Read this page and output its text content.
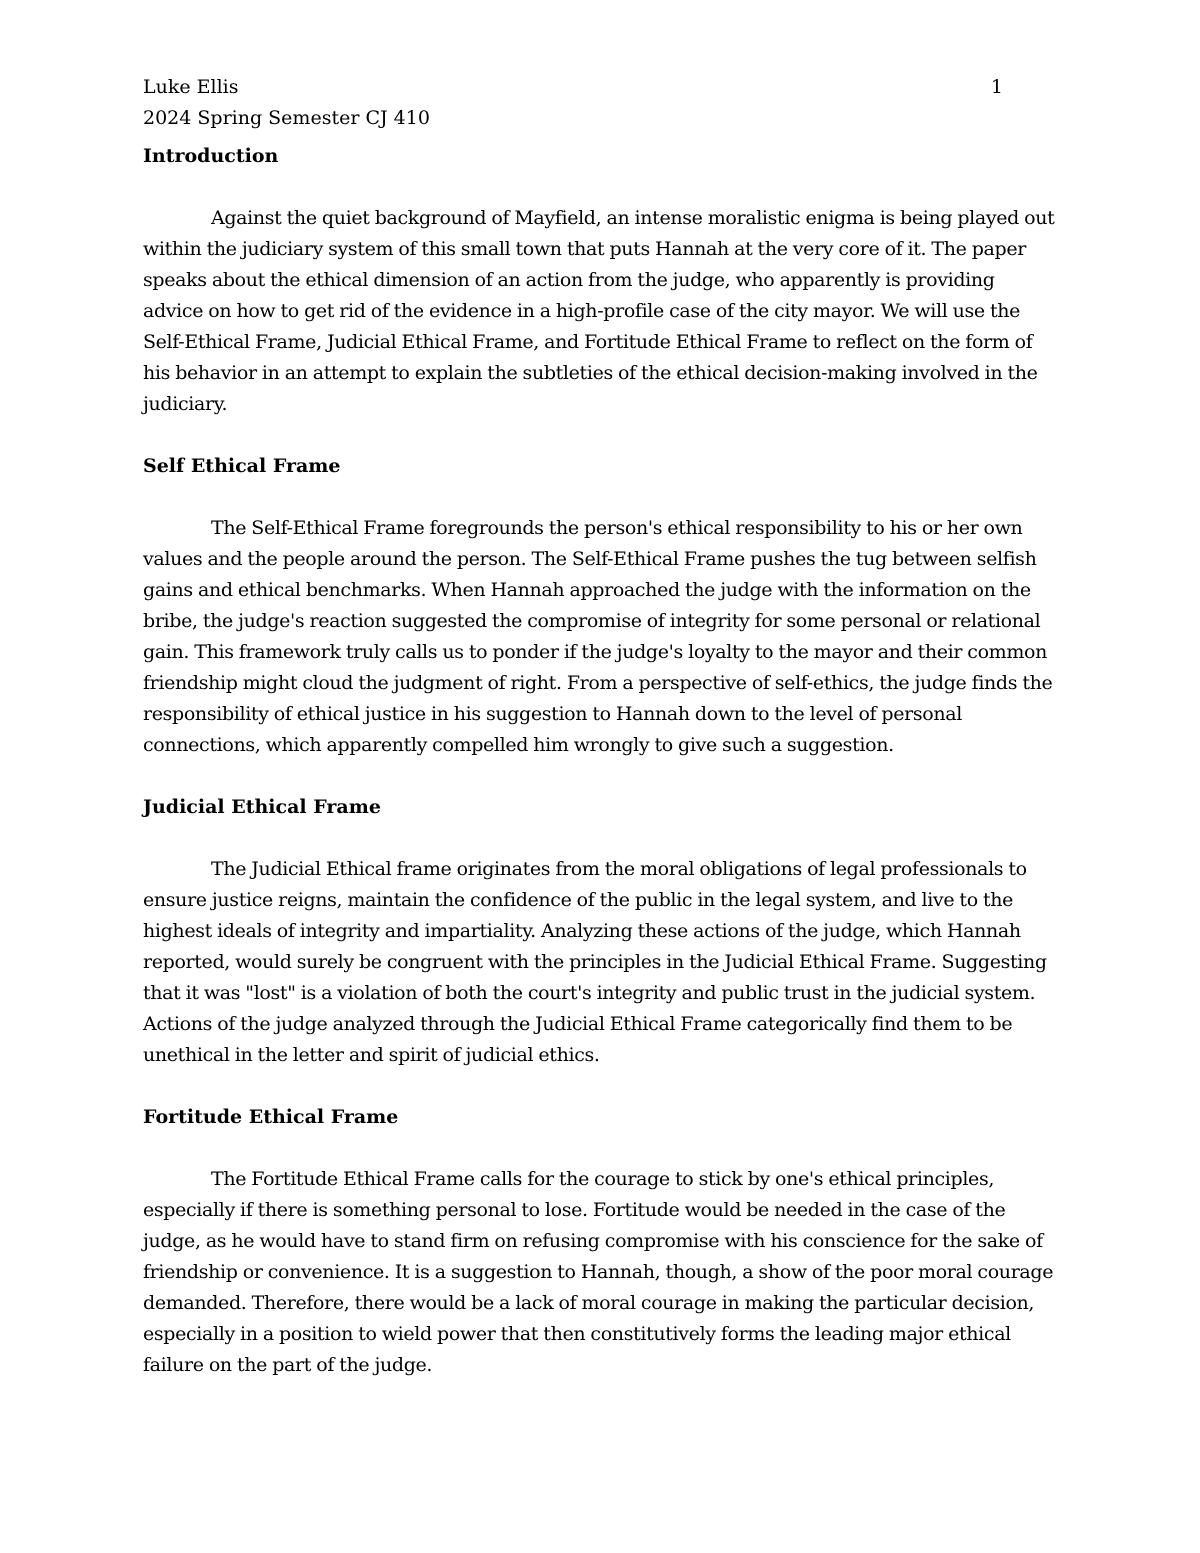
Luke Ellis
2024 Spring Semester CJ 410
1
Introduction

Against the quiet background of Mayfield, an intense moralistic enigma is being played out within the judiciary system of this small town that puts Hannah at the very core of it. The paper speaks about the ethical dimension of an action from the judge, who apparently is providing advice on how to get rid of the evidence in a high-profile case of the city mayor. We will use the Self-Ethical Frame, Judicial Ethical Frame, and Fortitude Ethical Frame to reflect on the form of his behavior in an attempt to explain the subtleties of the ethical decision-making involved in the judiciary.

Self Ethical Frame

The Self-Ethical Frame foregrounds the person's ethical responsibility to his or her own values and the people around the person. The Self-Ethical Frame pushes the tug between selfish gains and ethical benchmarks. When Hannah approached the judge with the information on the bribe, the judge's reaction suggested the compromise of integrity for some personal or relational gain. This framework truly calls us to ponder if the judge's loyalty to the mayor and their common friendship might cloud the judgment of right. From a perspective of self-ethics, the judge finds the responsibility of ethical justice in his suggestion to Hannah down to the level of personal connections, which apparently compelled him wrongly to give such a suggestion.

Judicial Ethical Frame

The Judicial Ethical frame originates from the moral obligations of legal professionals to ensure justice reigns, maintain the confidence of the public in the legal system, and live to the highest ideals of integrity and impartiality. Analyzing these actions of the judge, which Hannah reported, would surely be congruent with the principles in the Judicial Ethical Frame. Suggesting that it was "lost" is a violation of both the court's integrity and public trust in the judicial system. Actions of the judge analyzed through the Judicial Ethical Frame categorically find them to be unethical in the letter and spirit of judicial ethics.

Fortitude Ethical Frame

The Fortitude Ethical Frame calls for the courage to stick by one's ethical principles, especially if there is something personal to lose. Fortitude would be needed in the case of the judge, as he would have to stand firm on refusing compromise with his conscience for the sake of friendship or convenience. It is a suggestion to Hannah, though, a show of the poor moral courage demanded. Therefore, there would be a lack of moral courage in making the particular decision, especially in a position to wield power that then constitutively forms the leading major ethical failure on the part of the judge.
